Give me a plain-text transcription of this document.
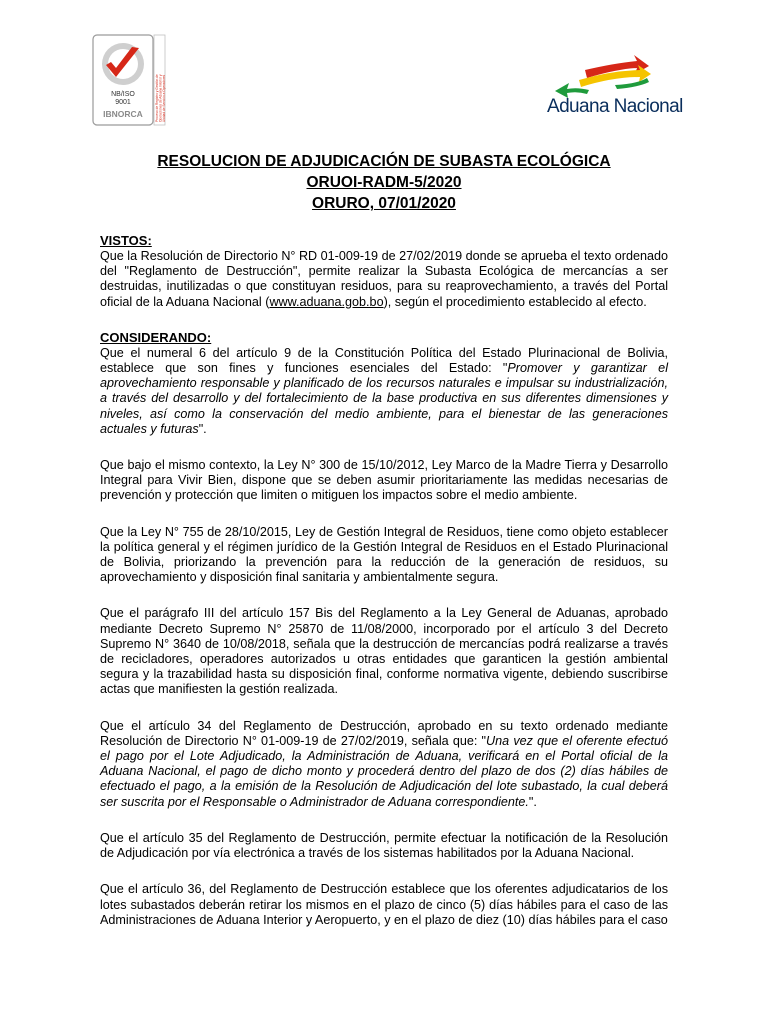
NB/ISO
9001
IBNORCA	Proceso de Registro y Gestión de Operaciones de Aduana Interior y Unidad de Servicio a Operadores	Aduana Nacional
RESOLUCION DE ADJUDICACIÓN DE SUBASTA ECOLÓGICA
ORUOI-RADM-5/2020
ORURO, 07/01/2020

VISTOS:

Que la Resolución de Directorio N° RD 01-009-19 de 27/02/2019 donde se aprueba el texto ordenado del "Reglamento de Destrucción", permite realizar la Subasta Ecológica de mercancías a ser destruidas, inutilizadas o que constituyan residuos, para su reaprovechamiento, a través del Portal oficial de la Aduana Nacional (www.aduana.gob.bo), según el procedimiento establecido al efecto.

CONSIDERANDO:

Que el numeral 6 del artículo 9 de la Constitución Política del Estado Plurinacional de Bolivia, establece que son fines y funciones esenciales del Estado: "Promover y garantizar el aprovechamiento responsable y planificado de los recursos naturales e impulsar su industrialización, a través del desarrollo y del fortalecimiento de la base productiva en sus diferentes dimensiones y niveles, así como la conservación del medio ambiente, para el bienestar de las generaciones actuales y futuras".

Que bajo el mismo contexto, la Ley N° 300 de 15/10/2012, Ley Marco de la Madre Tierra y Desarrollo Integral para Vivir Bien, dispone que se deben asumir prioritariamente las medidas necesarias de prevención y protección que limiten o mitiguen los impactos sobre el medio ambiente.

Que la Ley N° 755 de 28/10/2015, Ley de Gestión Integral de Residuos, tiene como objeto establecer la política general y el régimen jurídico de la Gestión Integral de Residuos en el Estado Plurinacional de Bolivia, priorizando la prevención para la reducción de la generación de residuos, su aprovechamiento y disposición final sanitaria y ambientalmente segura.

Que el parágrafo III del artículo 157 Bis del Reglamento a la Ley General de Aduanas, aprobado mediante Decreto Supremo N° 25870 de 11/08/2000, incorporado por el artículo 3 del Decreto Supremo N° 3640 de 10/08/2018, señala que la destrucción de mercancías podrá realizarse a través de recicladores, operadores autorizados u otras entidades que garanticen la gestión ambiental segura y la trazabilidad hasta su disposición final, conforme normativa vigente, debiendo suscribirse actas que manifiesten la gestión realizada.

Que el artículo 34 del Reglamento de Destrucción, aprobado en su texto ordenado mediante Resolución de Directorio N° 01-009-19 de 27/02/2019, señala que: "Una vez que el oferente efectuó el pago por el Lote Adjudicado, la Administración de Aduana, verificará en el Portal oficial de la Aduana Nacional, el pago de dicho monto y procederá dentro del plazo de dos (2) días hábiles de efectuado el pago, a la emisión de la Resolución de Adjudicación del lote subastado, la cual deberá ser suscrita por el Responsable o Administrador de Aduana correspondiente.".

Que el artículo 35 del Reglamento de Destrucción, permite efectuar la notificación de la Resolución de Adjudicación por vía electrónica a través de los sistemas habilitados por la Aduana Nacional.

Que el artículo 36, del Reglamento de Destrucción establece que los oferentes adjudicatarios de los lotes subastados deberán retirar los mismos en el plazo de cinco (5) días hábiles para el caso de las Administraciones de Aduana Interior y Aeropuerto, y en el plazo de diez (10) días hábiles para el caso
